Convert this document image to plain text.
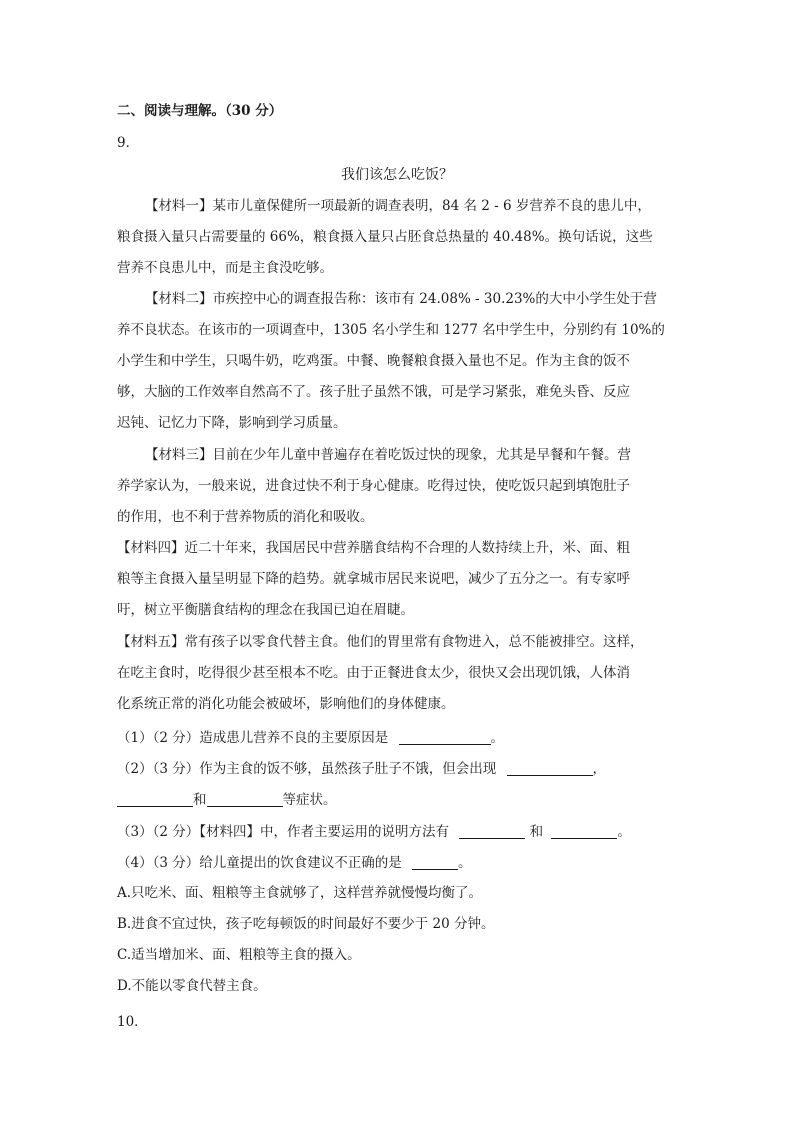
二、阅读与理解。（30 分）
9．
我们该怎么吃饭？
【材料一】某市儿童保健所一项最新的调查表明，84 名 2 - 6 岁营养不良的患儿中，
粮食摄入量只占需要量的 66%，粮食摄入量只占胚食总热量的 40.48%。换句话说，这些
营养不良患儿中，而是主食没吃够。
【材料二】市疾控中心的调查报告称：该市有 24.08% - 30.23%的大中小学生处于营
养不良状态。在该市的一项调查中，1305 名小学生和 1277 名中学生中，分别约有 10%的
小学生和中学生，只喝牛奶，吃鸡蛋。中餐、晚餐粮食摄入量也不足。作为主食的饭不
够，大脑的工作效率自然高不了。孩子肚子虽然不饿，可是学习紧张，难免头昏、反应
迟钝、记忆力下降，影响到学习质量。
【材料三】目前在少年儿童中普遍存在着吃饭过快的现象，尤其是早餐和午餐。营
养学家认为，一般来说，进食过快不利于身心健康。吃得过快，使吃饭只起到填饱肚子
的作用，也不利于营养物质的消化和吸收。
【材料四】近二十年来，我国居民中营养膳食结构不合理的人数持续上升，米、面、粗
粮等主食摄入量呈明显下降的趋势。就拿城市居民来说吧，减少了五分之一。有专家呼
吁，树立平衡膳食结构的理念在我国已迫在眉睫。
【材料五】常有孩子以零食代替主食。他们的胃里常有食物进入，总不能被排空。这样，
在吃主食时，吃得很少甚至根本不吃。由于正餐进食太少，很快又会出现饥饿，人体消
化系统正常的消化功能会被破坏，影响他们的身体健康。
（1）（2 分）造成患儿营养不良的主要原因是	。
（2）（3 分）作为主食的饭不够，虽然孩子肚子不饿，但会出现	，
和	等症状。
（3）（2 分）【材料四】中，作者主要运用的说明方法有	和	。
（4）（3 分）给儿童提出的饮食建议不正确的是	。
A.只吃米、面、粗粮等主食就够了，这样营养就慢慢均衡了。
B.进食不宜过快，孩子吃每顿饭的时间最好不要少于 20 分钟。
C.适当增加米、面、粗粮等主食的摄入。
D.不能以零食代替主食。
10．
